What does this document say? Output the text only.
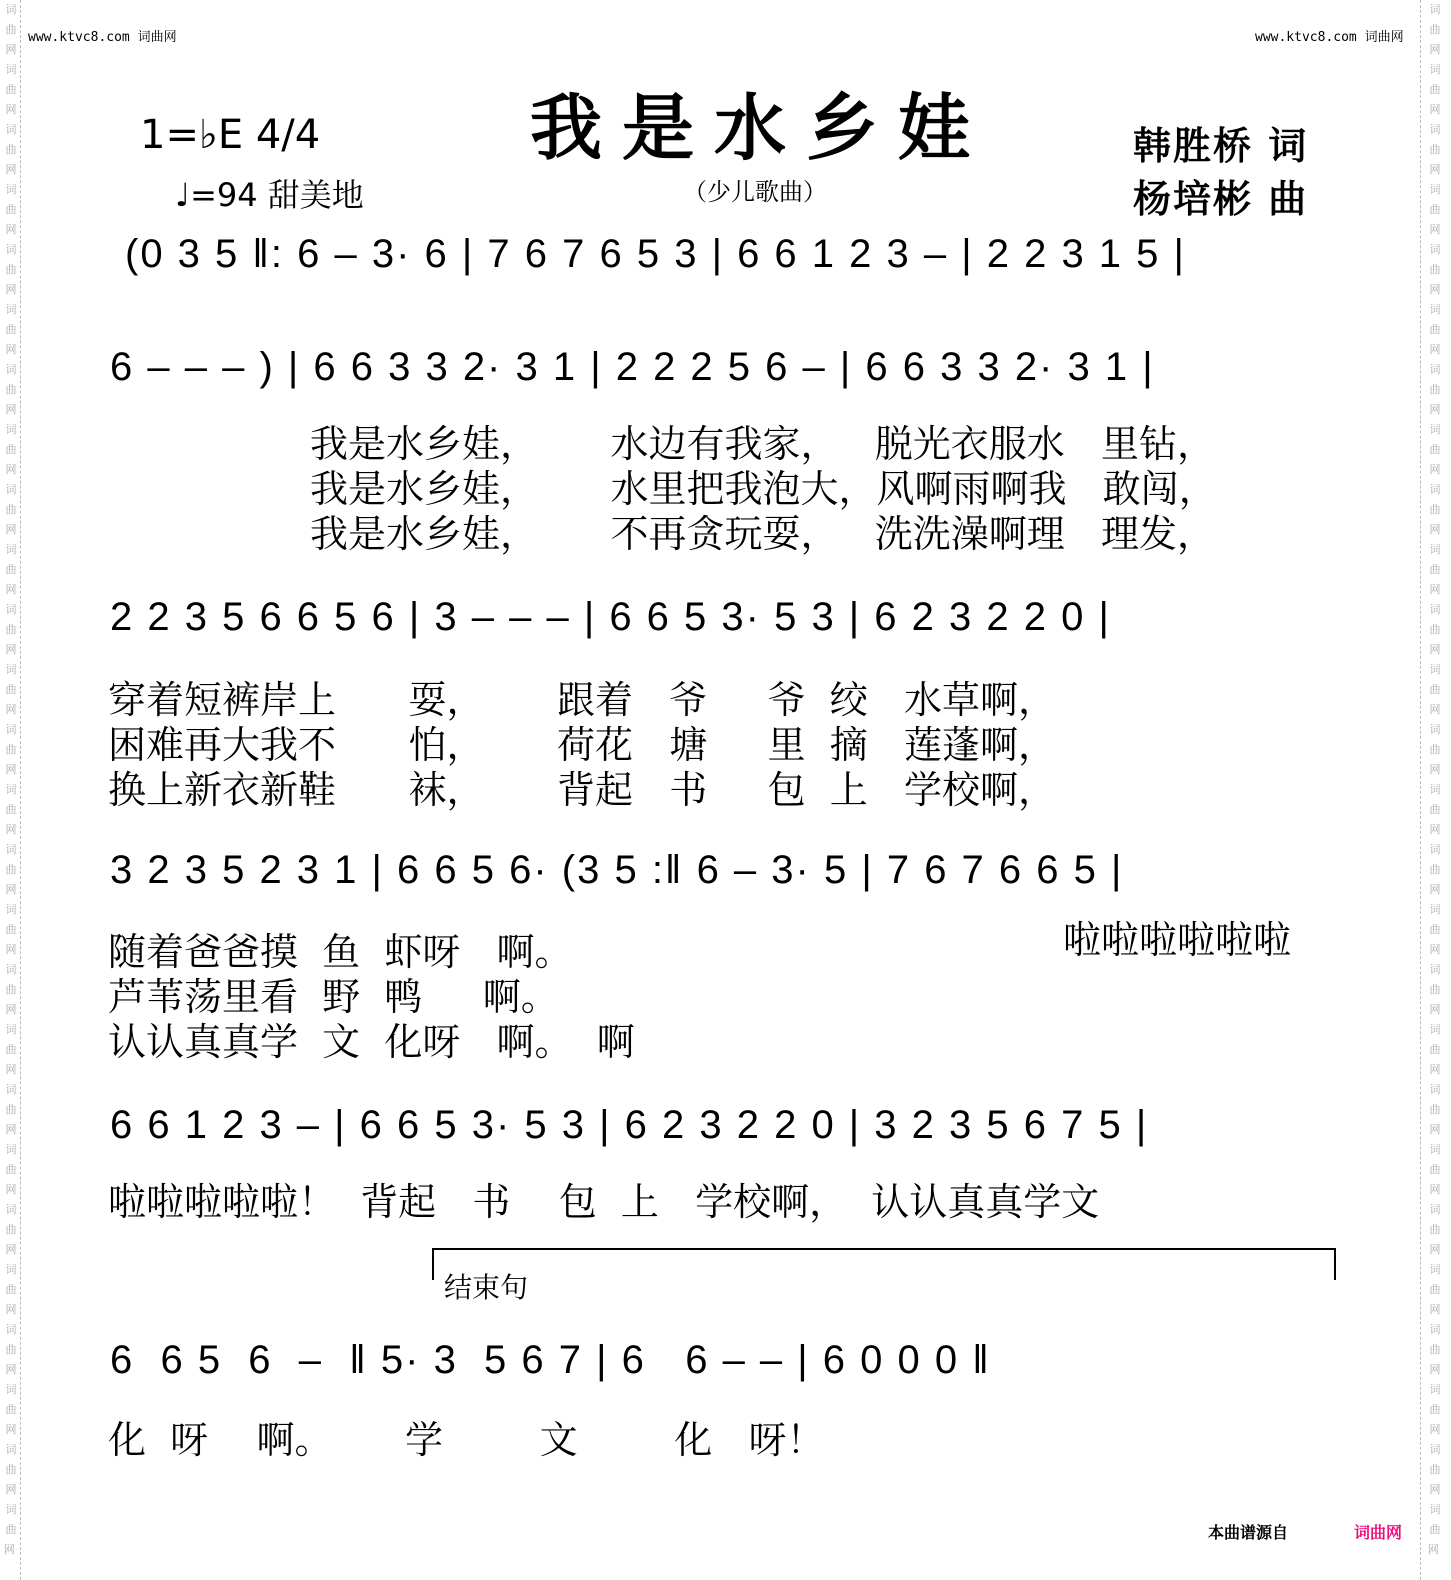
词曲网 词曲网 词曲网 词曲网 词曲网 词曲网 词曲网 词曲网 词曲网 词曲网 词曲网 词曲网 词曲网 词曲网 词曲网 词曲网 词曲网 词曲网 词曲网 词曲网 词曲网 词曲网 词曲网 词曲网 词曲网 词曲网
词曲网 词曲网 词曲网 词曲网 词曲网 词曲网 词曲网 词曲网 词曲网 词曲网 词曲网 词曲网 词曲网 词曲网 词曲网 词曲网 词曲网 词曲网 词曲网 词曲网 词曲网 词曲网 词曲网 词曲网 词曲网 词曲网
www.ktvc8.com 词曲网	www.ktvc8.com 词曲网
我是水乡娃
（少儿歌曲）
韩胜桥 词
杨培彬 曲
1=♭E 4/4
♩=94 甜美地
(0 3 5 ‖: 6 – 3· 6 | 7 6 7 6 5 3 | 6 6 1 2 3 – | 2 2 3 1 5 |
6 – – – ) | 6 6 3 3 2· 3 1 | 2 2 2 5 6 – | 6 6 3 3 2· 3 1 |
我是水乡娃，      水边有我家，   脱光衣服水   里钻，
我是水乡娃，      水里把我泡大，风啊雨啊我   敢闯，
我是水乡娃，      不再贪玩耍，   洗洗澡啊理   理发，
2 2 3 5 6 6 5 6 | 3 – – – | 6 6 5 3· 5 3 | 6 2 3 2 2 0 |
穿着短裤岸上      耍，      跟着   爷     爷  绞   水草啊，
困难再大我不      怕，      荷花   塘     里  摘   莲蓬啊，
换上新衣新鞋      袜，      背起   书     包  上   学校啊，
3 2 3 5 2 3 1 | 6 6 5 6· (3 5 :‖ 6 – 3· 5 | 7 6 7 6 6 5 |
随着爸爸摸  鱼  虾呀   啊。
芦苇荡里看  野  鸭     啊。
认认真真学  文  化呀   啊。  啊
啦啦啦啦啦啦
6 6 1 2 3 – | 6 6 5 3· 5 3 | 6 2 3 2 2 0 | 3 2 3 5 6 7 5 |
啦啦啦啦啦！  背起   书    包  上   学校啊，  认认真真学文
结束句
6  6 5  6  –  ‖ 5· 3  5 6 7 | 6   6 – – | 6 0 0 0 ‖
化  呀    啊。      学        文        化   呀！
本曲谱源自	词曲网
